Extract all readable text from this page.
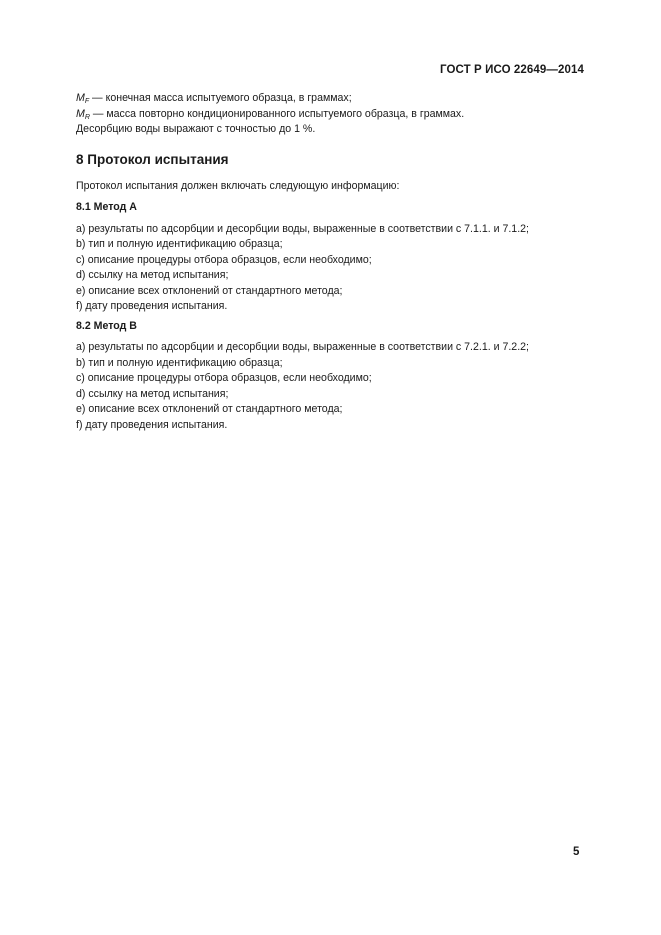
ГОСТ Р ИСО 22649—2014
$M_F$ — конечная масса испытуемого образца, в граммах;
$M_R$ — масса повторно кондиционированного испытуемого образца, в граммах.
Десорбцию воды выражают с точностью до 1 %.
8 Протокол испытания
Протокол испытания должен включать следующую информацию:
8.1 Метод А
а) результаты по адсорбции и десорбции воды, выраженные в соответствии с 7.1.1. и 7.1.2;
b) тип и полную идентификацию образца;
c) описание процедуры отбора образцов, если необходимо;
d) ссылку на метод испытания;
e) описание всех отклонений от стандартного метода;
f) дату проведения испытания.
8.2 Метод В
а) результаты по адсорбции и десорбции воды, выраженные в соответствии с 7.2.1. и 7.2.2;
b) тип и полную идентификацию образца;
c) описание процедуры отбора образцов, если необходимо;
d) ссылку на метод испытания;
e) описание всех отклонений от стандартного метода;
f) дату проведения испытания.
5
